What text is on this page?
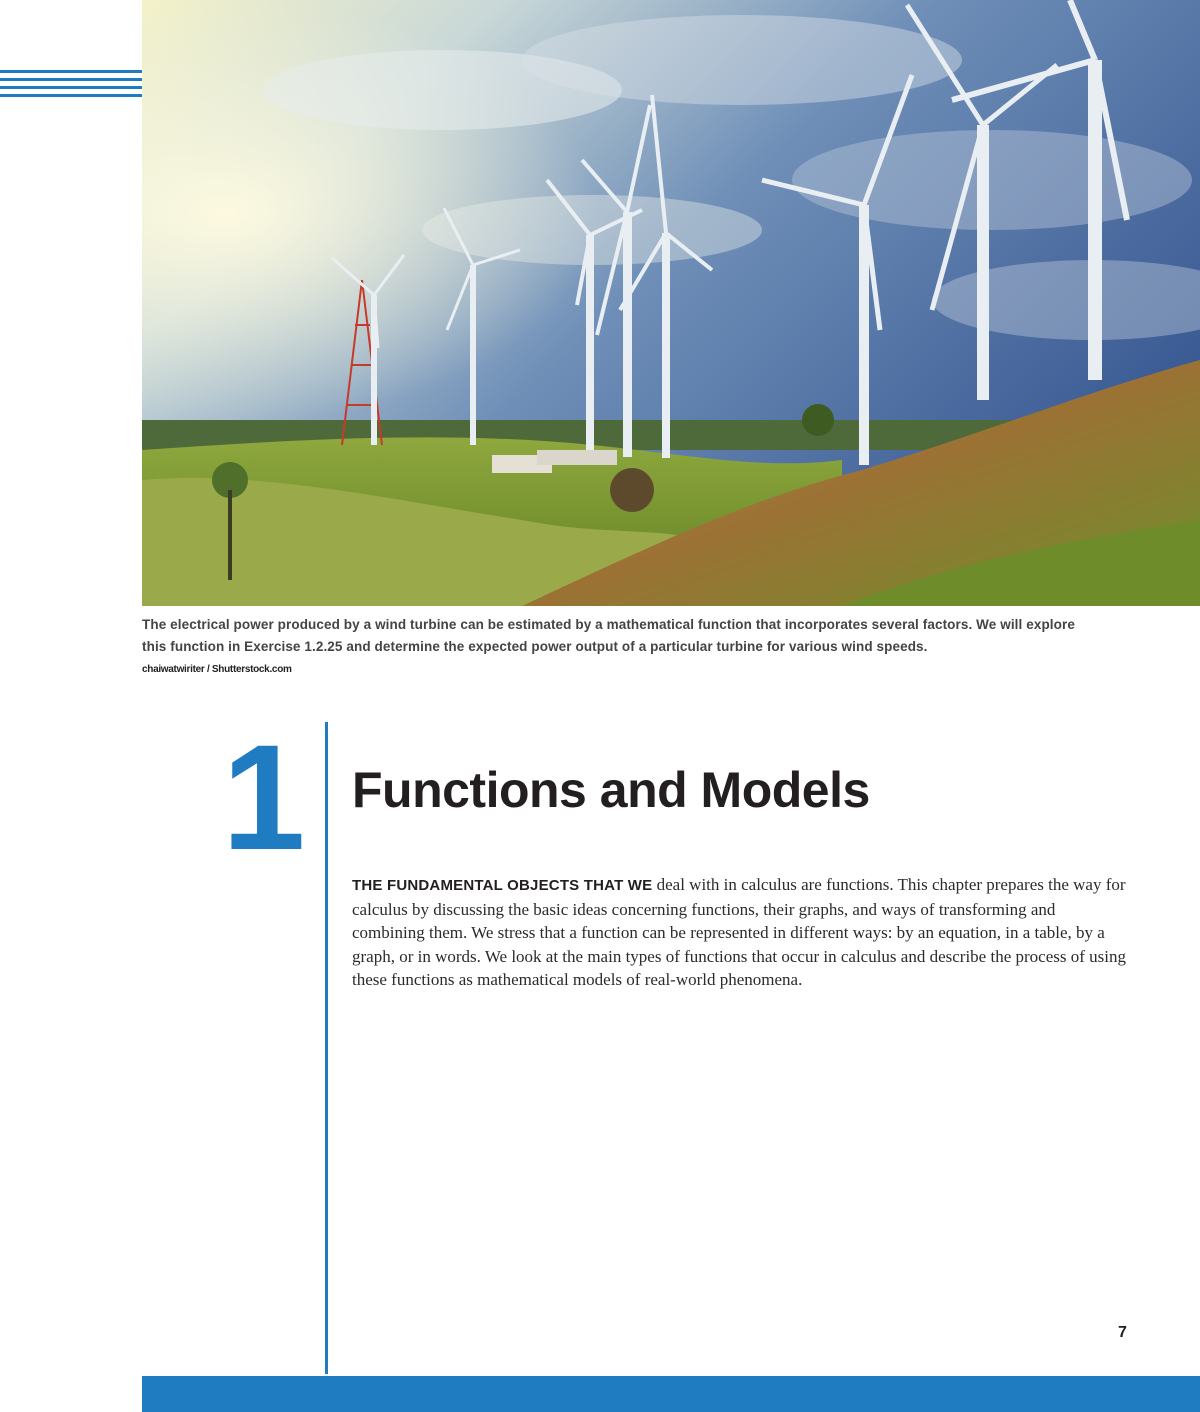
The electrical power produced by a wind turbine can be estimated by a mathematical function that incorporates several factors. We will explore this function in Exercise 1.2.25 and determine the expected power output of a particular turbine for various wind speeds.
chaiwatwiriter / Shutterstock.com
1 Functions and Models
THE FUNDAMENTAL OBJECTS THAT WE deal with in calculus are functions. This chapter prepares the way for calculus by discussing the basic ideas concerning functions, their graphs, and ways of transforming and combining them. We stress that a function can be represented in different ways: by an equation, in a table, by a graph, or in words. We look at the main types of functions that occur in calculus and describe the process of using these functions as mathematical models of real-world phenomena.
7
